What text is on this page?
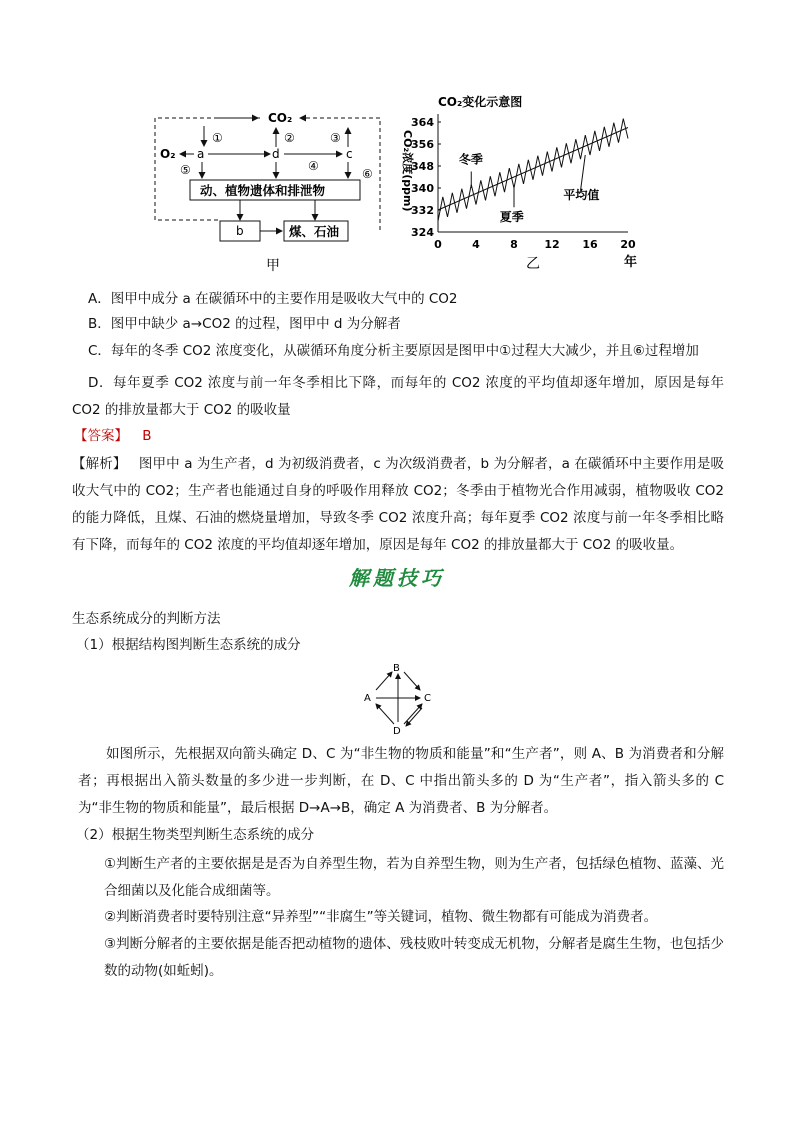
CO₂
①	②	③
O₂ a	d	c
⑤	④
⑥
动、植物遗体和排泄物
b	煤、石油
甲
CO₂变化示意图
324
332
340
348
356
364
0	4	8 12 16 20
年
CO₂浓度(ppm)	冬季
夏季
平均值
乙
A．图甲中成分 a 在碳循环中的主要作用是吸收大气中的 CO2
B．图甲中缺少 a→CO2 的过程，图甲中 d 为分解者
C．每年的冬季 CO2 浓度变化，从碳循环角度分析主要原因是图甲中①过程大大减少，并且⑥过程增加
D．每年夏季 CO2 浓度与前一年冬季相比下降，而每年的 CO2 浓度的平均值却逐年增加，原因是每年 CO2 的排放量都大于 CO2 的吸收量
【答案】 B
【解析】 图甲中 a 为生产者，d 为初级消费者，c 为次级消费者，b 为分解者，a 在碳循环中主要作用是吸收大气中的 CO2；生产者也能通过自身的呼吸作用释放 CO2；冬季由于植物光合作用减弱，植物吸收 CO2 的能力降低，且煤、石油的燃烧量增加，导致冬季 CO2 浓度升高；每年夏季 CO2 浓度与前一年冬季相比略有下降，而每年的 CO2 浓度的平均值却逐年增加，原因是每年 CO2 的排放量都大于 CO2 的吸收量。
解题技巧
生态系统成分的判断方法
（1）根据结构图判断生态系统的成分
B
A	C
D
如图所示，先根据双向箭头确定 D、C 为“非生物的物质和能量”和“生产者”，则 A、B 为消费者和分解者；再根据出入箭头数量的多少进一步判断，在 D、C 中指出箭头多的 D 为“生产者”，指入箭头多的 C 为“非生物的物质和能量”，最后根据 D→A→B，确定 A 为消费者、B 为分解者。
（2）根据生物类型判断生态系统的成分
①判断生产者的主要依据是是否为自养型生物，若为自养型生物，则为生产者，包括绿色植物、蓝藻、光合细菌以及化能合成细菌等。
②判断消费者时要特别注意“异养型”“非腐生”等关键词，植物、微生物都有可能成为消费者。
③判断分解者的主要依据是能否把动植物的遗体、残枝败叶转变成无机物，分解者是腐生生物，也包括少数的动物(如蚯蚓)。
